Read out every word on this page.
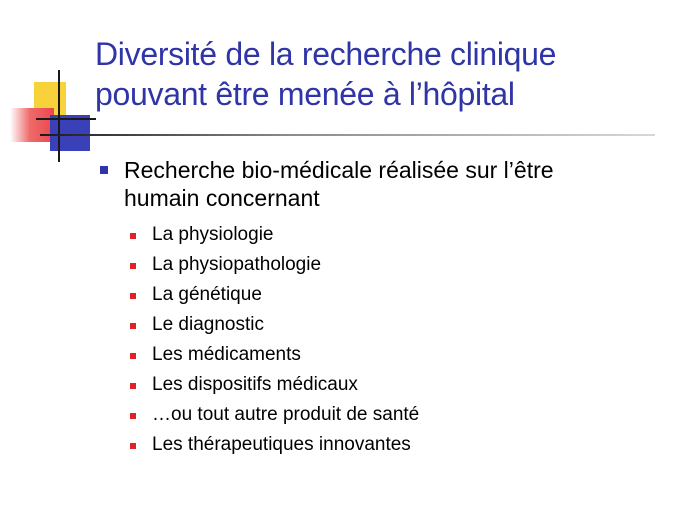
Diversité de la recherche clinique
pouvant être menée à l’hôpital
Recherche bio-médicale réalisée sur l’être
humain concernant
La physiologie
La physiopathologie
La génétique
Le diagnostic
Les médicaments
Les dispositifs médicaux
…ou tout autre produit de santé
Les thérapeutiques innovantes
